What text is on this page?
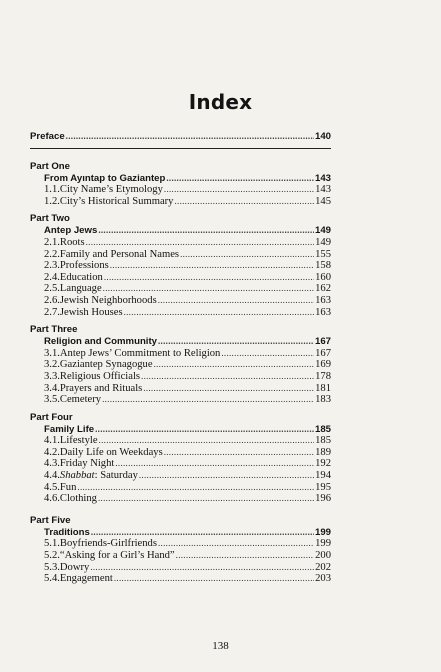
Index
Preface .....	140
Part One
From Ayıntap to Gaziantep .....	143
1.1.City Name’s Etymology .....	143
1.2.City’s Historical Summary .....	145
Part Two
Antep Jews .....	149
2.1.Roots .....	149
2.2.Family and Personal Names .....	155
2.3.Professions .....	158
2.4.Education .....	160
2.5.Language .....	162
2.6.Jewish Neighborhoods .....	163
2.7.Jewish Houses .....	163
Part Three
Religion and Community .....	167
3.1.Antep Jews’ Commitment to Religion .....	167
3.2.Gaziantep Synagogue .....	169
3.3.Religious Officials .....	178
3.4.Prayers and Rituals .....	181
3.5.Cemetery .....	183
Part Four
Family Life .....	185
4.1.Lifestyle .....	185
4.2.Daily Life on Weekdays .....	189
4.3.Friday Night .....	192
4.4.Shabbat: Saturday .....	194
4.5.Fun .....	195
4.6.Clothing .....	196
Part Five
Traditions .....	199
5.1.Boyfriends-Girlfriends .....	199
5.2.“Asking for a Girl’s Hand” .....	200
5.3.Dowry .....	202
5.4.Engagement .....	203
138
